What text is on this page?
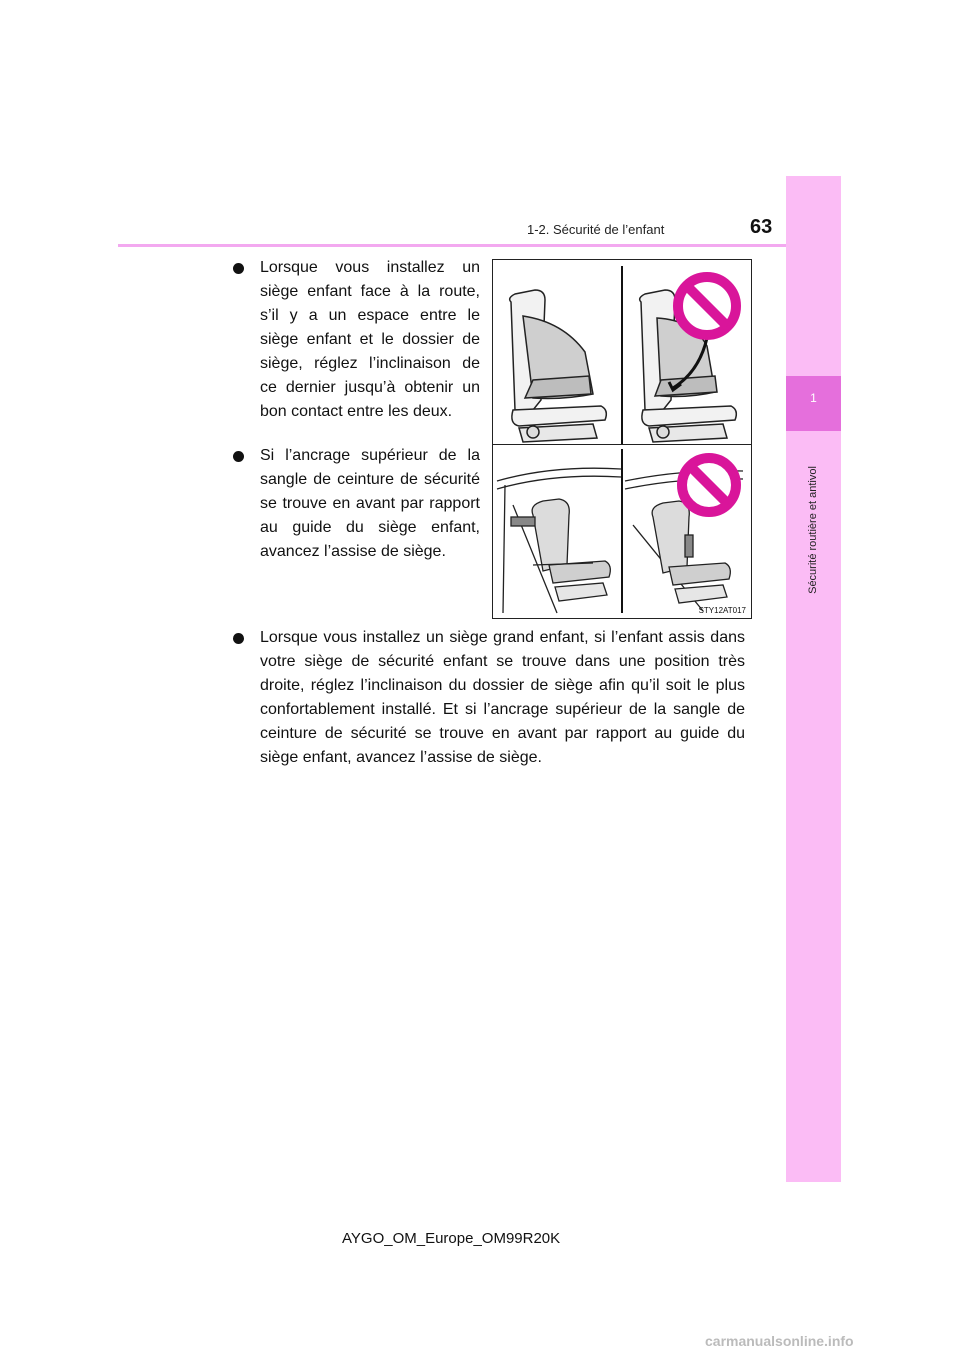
1-2. Sécurité de l’enfant	63
1
Sécurité routière et antivol
Lorsque vous installez un siège enfant face à la route, s’il y a un espace entre le siège enfant et le dossier de siège, réglez l’inclinaison de ce dernier jusqu’à obtenir un bon contact entre les deux.
Si l’ancrage supérieur de la sangle de ceinture de sécurité se trouve en avant par rapport au guide du siège enfant, avancez l’assise de siège.
STY12AT017
Lorsque vous installez un siège grand enfant, si l’enfant assis dans votre siège de sécurité enfant se trouve dans une position très droite, réglez l’inclinaison du dossier de siège afin qu’il soit le plus confortablement installé. Et si l’ancrage supérieur de la sangle de ceinture de sécurité se trouve en avant par rapport au guide du siège enfant, avancez l’assise de siège.
AYGO_OM_Europe_OM99R20K
carmanualsonline.info
